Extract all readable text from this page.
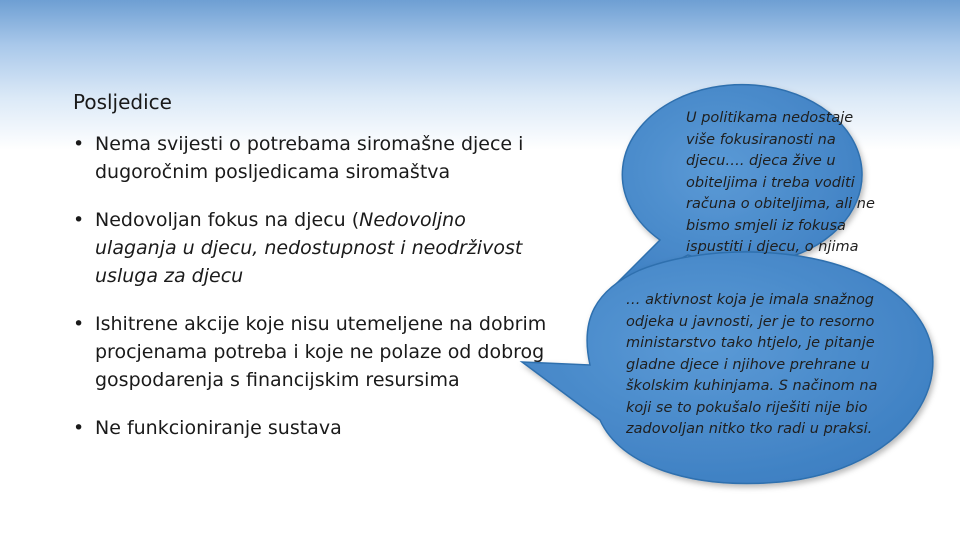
Posljedice
• Nema svijesti o potrebama siromašne djece i dugoročnim posljedicama siromaštva
• Nedovoljan fokus na djecu (Nedovoljno ulaganja u djecu, nedostupnost i neodrživost usluga za djecu
• Ishitrene akcije koje nisu utemeljene na dobrim procjenama potreba i koje ne polaze od dobrog gospodarenja s financijskim resursima
• Ne funkcioniranje sustava

U politikama nedostaje više fokusiranosti na djecu…. djeca žive u obiteljima i treba voditi računa o obiteljima, ali ne bismo smjeli iz fokusa ispustiti i djecu, o njima

… aktivnost koja je imala snažnog odjeka u javnosti, jer je to resorno ministarstvo tako htjelo, je pitanje gladne djece i njihove prehrane u školskim kuhinjama. S načinom na koji se to pokušalo riješiti nije bio zadovoljan nitko tko radi u praksi.
